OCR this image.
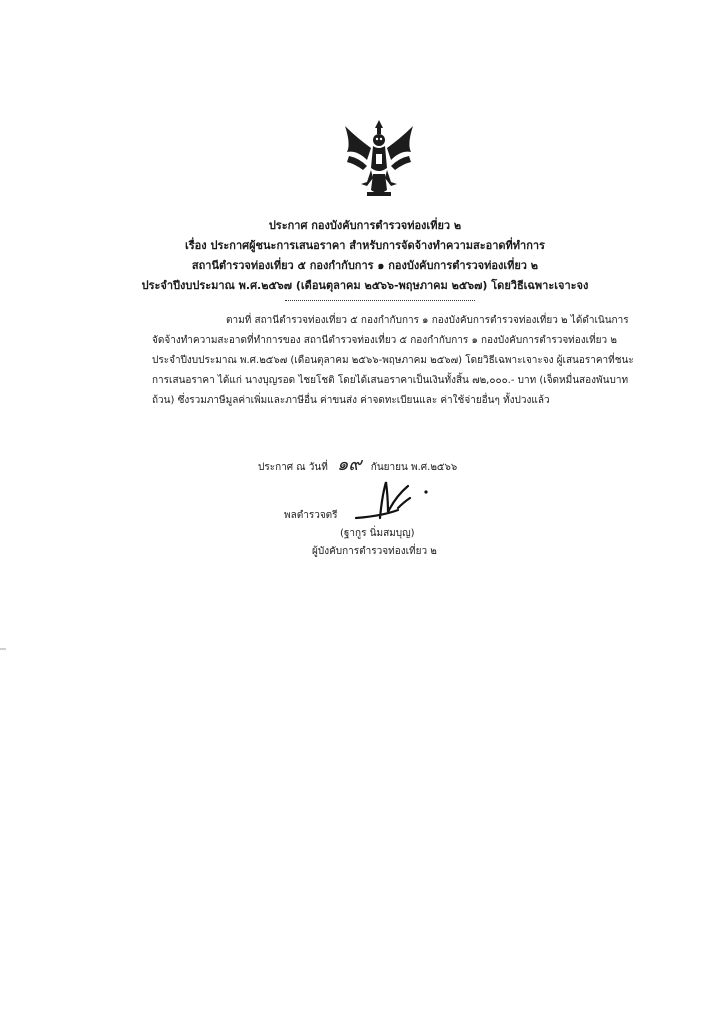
ประกาศ กองบังคับการตำรวจท่องเที่ยว ๒
เรื่อง ประกาศผู้ชนะการเสนอราคา สำหรับการจัดจ้างทำความสะอาดที่ทำการ
สถานีตำรวจท่องเที่ยว ๕ กองกำกับการ ๑ กองบังคับการตำรวจท่องเที่ยว ๒
ประจำปีงบประมาณ พ.ศ.๒๕๖๗ (เดือนตุลาคม ๒๕๖๖-พฤษภาคม ๒๕๖๗) โดยวิธีเฉพาะเจาะจง
ตามที่ สถานีตำรวจท่องเที่ยว ๕ กองกำกับการ ๑ กองบังคับการตำรวจท่องเที่ยว ๒ ได้ดำเนินการ
จัดจ้างทำความสะอาดที่ทำการของ สถานีตำรวจท่องเที่ยว ๕ กองกำกับการ ๑ กองบังคับการตำรวจท่องเที่ยว ๒
ประจำปีงบประมาณ พ.ศ.๒๕๖๗ (เดือนตุลาคม ๒๕๖๖-พฤษภาคม ๒๕๖๗) โดยวิธีเฉพาะเจาะจง ผู้เสนอราคาที่ชนะ
การเสนอราคา ได้แก่ นางบุญรอด ไชยโชติ โดยได้เสนอราคาเป็นเงินทั้งสิ้น ๗๒,๐๐๐.- บาท (เจ็ดหมื่นสองพันบาท
ถ้วน) ซึ่งรวมภาษีมูลค่าเพิ่มและภาษีอื่น ค่าขนส่ง ค่าจดทะเบียนและ ค่าใช้จ่ายอื่นๆ ทั้งปวงแล้ว
ประกาศ ณ วันที่ ๑๙ กันยายน พ.ศ.๒๕๖๖
พลตำรวจตรี
(ฐากูร นิ่มสมบุญ)
ผู้บังคับการตำรวจท่องเที่ยว ๒
